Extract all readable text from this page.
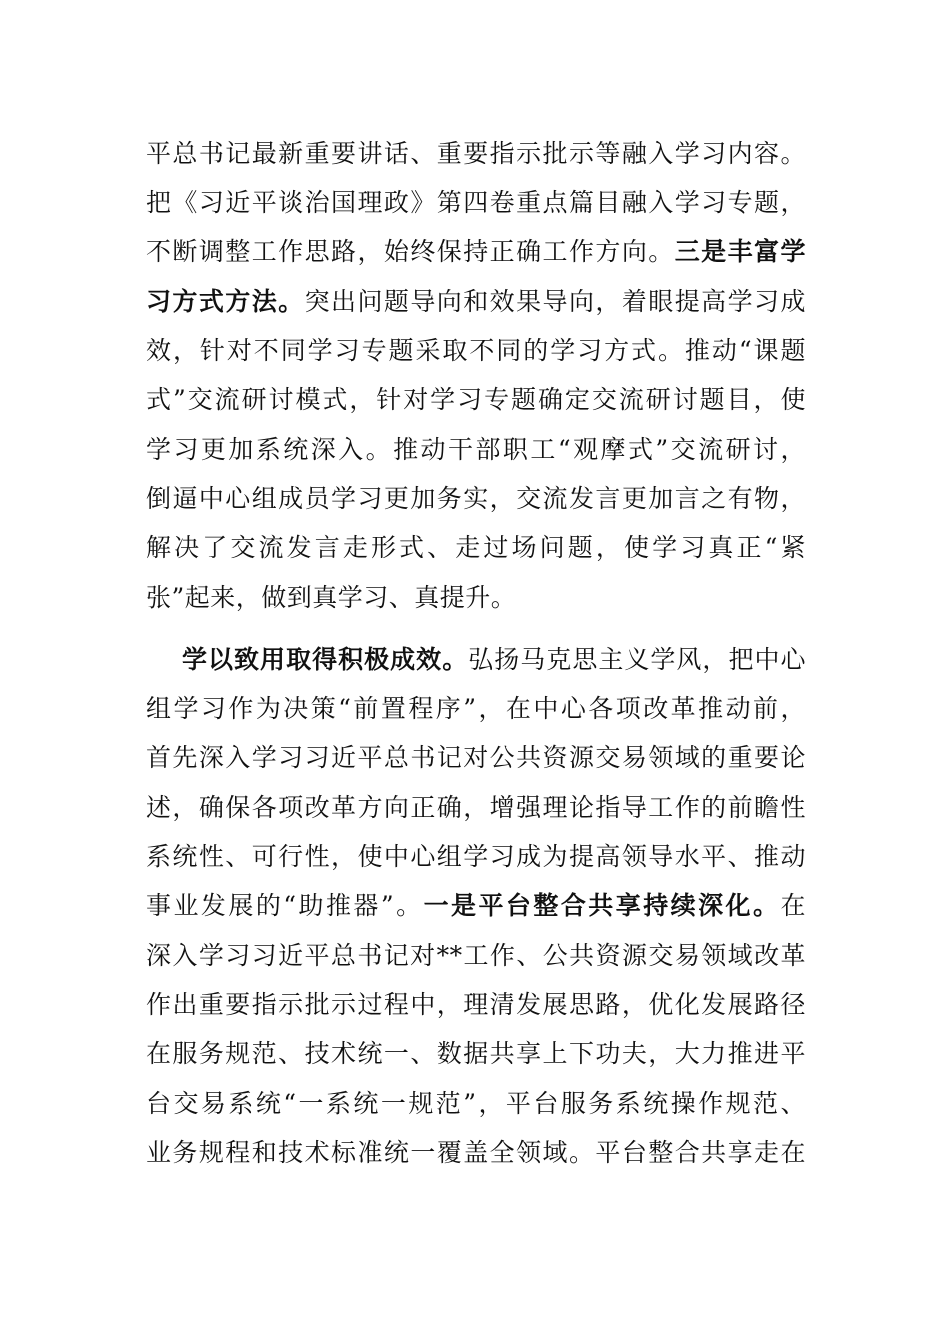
平总书记最新重要讲话、重要指示批示等融入学习内容。
把《习近平谈治国理政》第四卷重点篇目融入学习专题，
不断调整工作思路，始终保持正确工作方向。三是丰富学
习方式方法。突出问题导向和效果导向，着眼提高学习成
效，针对不同学习专题采取不同的学习方式。推动“课题
式”交流研讨模式，针对学习专题确定交流研讨题目，使
学习更加系统深入。推动干部职工“观摩式”交流研讨，
倒逼中心组成员学习更加务实，交流发言更加言之有物，
解决了交流发言走形式、走过场问题，使学习真正“紧
张”起来，做到真学习、真提升。
学以致用取得积极成效。弘扬马克思主义学风，把中心
组学习作为决策“前置程序”，在中心各项改革推动前，
首先深入学习习近平总书记对公共资源交易领域的重要论
述，确保各项改革方向正确，增强理论指导工作的前瞻性
系统性、可行性，使中心组学习成为提高领导水平、推动
事业发展的“助推器”。一是平台整合共享持续深化。在
深入学习习近平总书记对**工作、公共资源交易领域改革
作出重要指示批示过程中，理清发展思路，优化发展路径
在服务规范、技术统一、数据共享上下功夫，大力推进平
台交易系统“一系统一规范”，平台服务系统操作规范、
业务规程和技术标准统一覆盖全领域。平台整合共享走在
